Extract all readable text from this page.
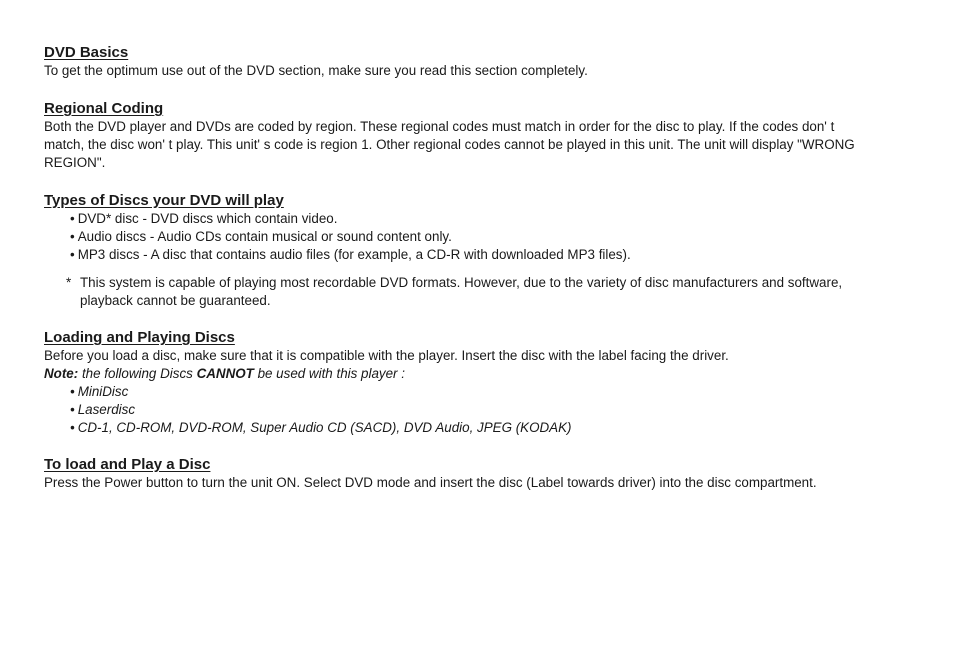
DVD Basics

To get the optimum use out of the DVD section, make sure you read this section completely.

Regional Coding

Both the DVD player and DVDs are coded by region. These regional codes must match in order for the disc to play. If the codes don' t

match, the disc won' t play. This unit' s code is region 1. Other regional codes cannot be played in this unit. The unit will display "WRONG

REGION".

Types of Discs your DVD will play

• DVD* disc - DVD discs which contain video.
• Audio discs - Audio CDs contain musical or sound content only.
• MP3 discs - A disc that contains audio files (for example, a CD-R with downloaded MP3 files).
* This system is capable of playing most recordable DVD formats. However, due to the variety of disc manufacturers and software,
playback cannot be guaranteed.

Loading and Playing Discs

Before you load a disc, make sure that it is compatible with the player. Insert the disc with the label facing the driver.

Note: the following Discs CANNOT be used with this player :

• MiniDisc
• Laserdisc
• CD-1, CD-ROM, DVD-ROM, Super Audio CD (SACD), DVD Audio, JPEG (KODAK)

To load and Play a Disc

Press the Power button to turn the unit ON. Select DVD mode and insert the disc (Label towards driver) into the disc compartment.
